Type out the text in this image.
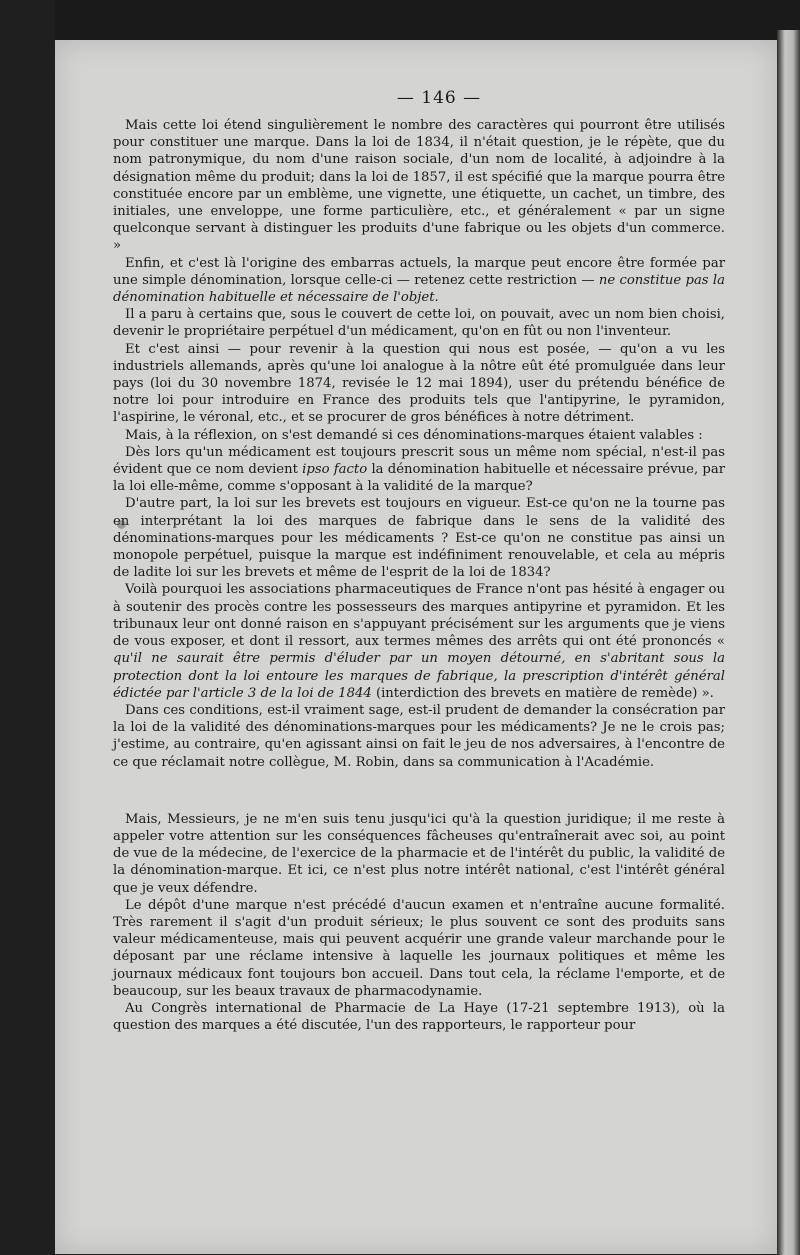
— 146 —

Mais cette loi étend singulièrement le nombre des caractères qui pourront être utilisés pour constituer une marque. Dans la loi de 1834, il n'était question, je le répète, que du nom patronymique, du nom d'une raison sociale, d'un nom de localité, à adjoindre à la désignation même du produit; dans la loi de 1857, il est spécifié que la marque pourra être constituée encore par un emblème, une vignette, une étiquette, un cachet, un timbre, des initiales, une enveloppe, une forme particulière, etc., et généralement « par un signe quelconque servant à distinguer les produits d'une fabrique ou les objets d'un commerce. »

Enfin, et c'est là l'origine des embarras actuels, la marque peut encore être formée par une simple dénomination, lorsque celle-ci — retenez cette restriction — ne constitue pas la dénomination habituelle et nécessaire de l'objet.

Il a paru à certains que, sous le couvert de cette loi, on pouvait, avec un nom bien choisi, devenir le propriétaire perpétuel d'un médicament, qu'on en fût ou non l'inventeur.

Et c'est ainsi — pour revenir à la question qui nous est posée, — qu'on a vu les industriels allemands, après qu'une loi analogue à la nôtre eût été promulguée dans leur pays (loi du 30 novembre 1874, revisée le 12 mai 1894), user du prétendu bénéfice de notre loi pour introduire en France des produits tels que l'antipyrine, le pyramidon, l'aspirine, le véronal, etc., et se procurer de gros bénéfices à notre détriment.

Mais, à la réflexion, on s'est demandé si ces dénominations-marques étaient valables :

Dès lors qu'un médicament est toujours prescrit sous un même nom spécial, n'est-il pas évident que ce nom devient ipso facto la dénomination habituelle et nécessaire prévue, par la loi elle-même, comme s'opposant à la validité de la marque?

D'autre part, la loi sur les brevets est toujours en vigueur. Est-ce qu'on ne la tourne pas en interprétant la loi des marques de fabrique dans le sens de la validité des dénominations-marques pour les médicaments ? Est-ce qu'on ne constitue pas ainsi un monopole perpétuel, puisque la marque est indéfiniment renouvelable, et cela au mépris de ladite loi sur les brevets et même de l'esprit de la loi de 1834?

Voilà pourquoi les associations pharmaceutiques de France n'ont pas hésité à engager ou à soutenir des procès contre les possesseurs des marques antipyrine et pyramidon. Et les tribunaux leur ont donné raison en s'appuyant précisément sur les arguments que je viens de vous exposer, et dont il ressort, aux termes mêmes des arrêts qui ont été prononcés « qu'il ne saurait être permis d'éluder par un moyen détourné, en s'abritant sous la protection dont la loi entoure les marques de fabrique, la prescription d'intérêt général édictée par l'article 3 de la loi de 1844 (interdiction des brevets en matière de remède) ».

Dans ces conditions, est-il vraiment sage, est-il prudent de demander la consécration par la loi de la validité des dénominations-marques pour les médicaments? Je ne le crois pas; j'estime, au contraire, qu'en agissant ainsi on fait le jeu de nos adversaires, à l'encontre de ce que réclamait notre collègue, M. Robin, dans sa communication à l'Académie.

Mais, Messieurs, je ne m'en suis tenu jusqu'ici qu'à la question juridique; il me reste à appeler votre attention sur les conséquences fâcheuses qu'entraînerait avec soi, au point de vue de la médecine, de l'exercice de la pharmacie et de l'intérêt du public, la validité de la dénomination-marque. Et ici, ce n'est plus notre intérêt national, c'est l'intérêt général que je veux défendre.

Le dépôt d'une marque n'est précédé d'aucun examen et n'entraîne aucune formalité. Très rarement il s'agit d'un produit sérieux; le plus souvent ce sont des produits sans valeur médicamenteuse, mais qui peuvent acquérir une grande valeur marchande pour le déposant par une réclame intensive à laquelle les journaux politiques et même les journaux médicaux font toujours bon accueil. Dans tout cela, la réclame l'emporte, et de beaucoup, sur les beaux travaux de pharmacodynamie.

Au Congrès international de Pharmacie de La Haye (17-21 septembre 1913), où la question des marques a été discutée, l'un des rapporteurs, le rapporteur pour
